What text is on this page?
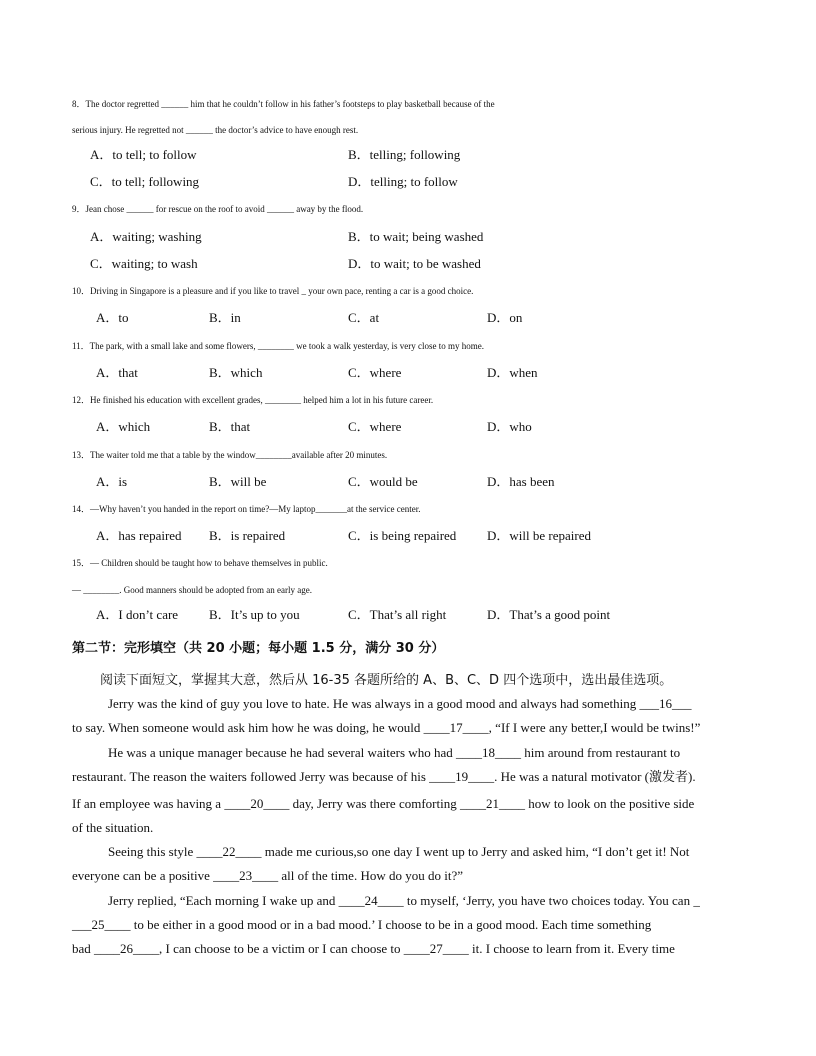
8．The doctor regretted ______ him that he couldn’t follow in his father’s footsteps to play basketball because of the
serious injury. He regretted not ______ the doctor’s advice to have enough rest.
A．to tell; to follow	B．telling; following
C．to tell; following	D．telling; to follow
9．Jean chose ______ for rescue on the roof to avoid ______ away by the flood.
A．waiting; washing	B．to wait; being washed
C．waiting; to wash	D．to wait; to be washed
10．Driving in Singapore is a pleasure and if you like to travel _ your own pace, renting a car is a good choice.
A．to	B．in	C．at	D．on
11．The park, with a small lake and some flowers, ________ we took a walk yesterday, is very close to my home.
A．that	B．which	C．where	D．when
12．He finished his education with excellent grades, ________ helped him a lot in his future career.
A．which	B．that	C．where	D．who
13．The waiter told me that a table by the window________available after 20 minutes.
A．is	B．will be	C．would be	D．has been
14．—Why haven’t you handed in the report on time?—My laptop_______at the service center.
A．has repaired B．is repaired	C．is being repaired D．will be repaired
15．— Children should be taught how to behave themselves in public.
— ________. Good manners should be adopted from an early age.
A．I don’t care B．It’s up to you	C．That’s all right	D．That’s a good point
第二节：完形填空（共 20 小题；每小题 1.5 分，满分 30 分）
阅读下面短文，掌握其大意，然后从 16-35 各题所给的 A、B、C、D 四个选项中，选出最佳选项。
Jerry was the kind of guy you love to hate. He was always in a good mood and always had something ___16___
to say. When someone would ask him how he was doing, he would ____17____, “If I were any better,I would be twins!”
He was a unique manager because he had several waiters who had ____18____ him around from restaurant to
restaurant. The reason the waiters followed Jerry was because of his ____19____. He was a natural motivator (激发者).
If an employee was having a ____20____ day, Jerry was there comforting ____21____ how to look on the positive side
of the situation.
Seeing this style ____22____ made me curious,so one day I went up to Jerry and asked him, “I don’t get it! Not
everyone can be a positive ____23____ all of the time. How do you do it?”
Jerry replied, “Each morning I wake up and ____24____ to myself, ‘Jerry, you have two choices today. You can _
___25____ to be either in a good mood or in a bad mood.’ I choose to be in a good mood. Each time something
bad ____26____, I can choose to be a victim or I can choose to ____27____ it. I choose to learn from it. Every time
